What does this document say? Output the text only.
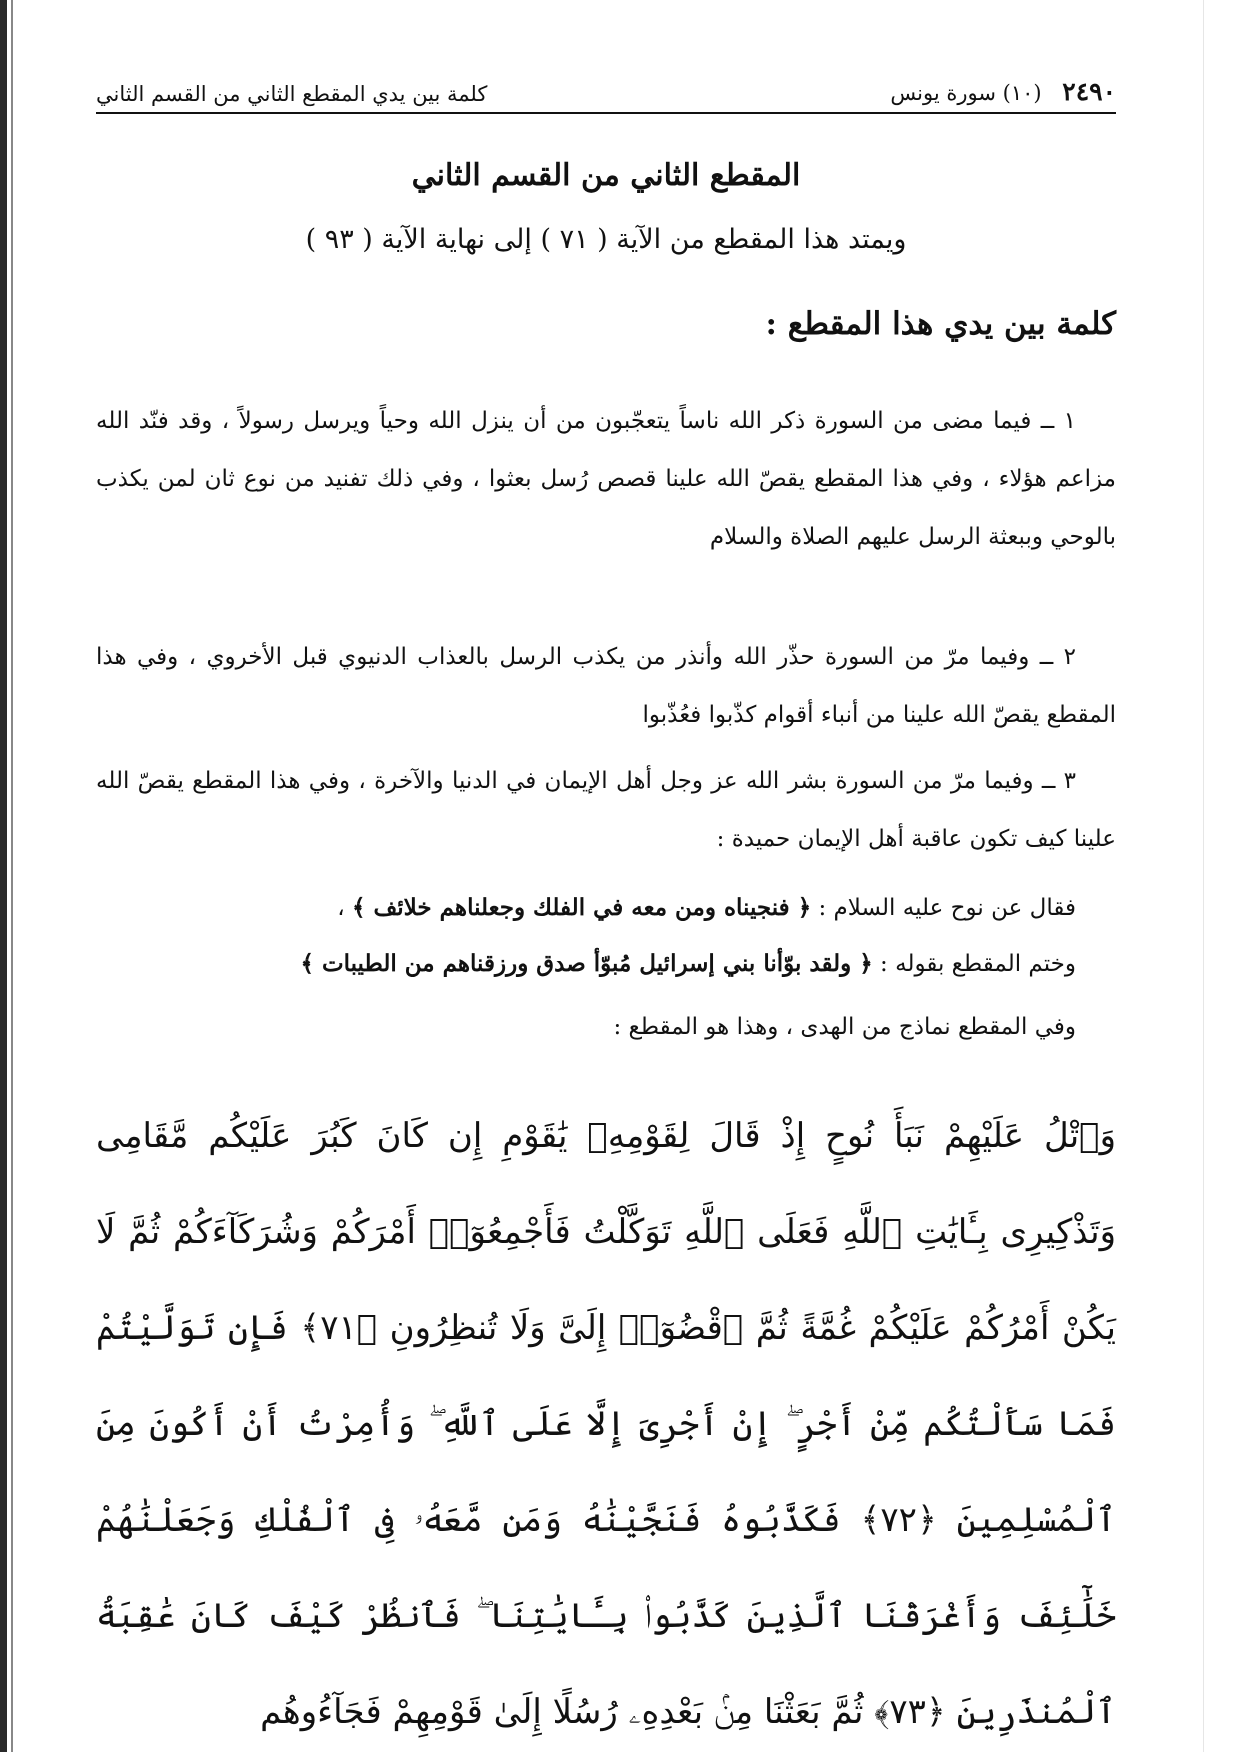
٢٤٩٠ (١٠) سورة يونس
كلمة بين يدي المقطع الثاني من القسم الثاني
المقطع الثاني من القسم الثاني

ويمتد هذا المقطع من الآية ( ٧١ ) إلى نهاية الآية ( ٩٣ )

كلمة بين يدي هذا المقطع :

١ ــ فيما مضى من السورة ذكر الله ناساً يتعجّبون من أن ينزل الله وحياً ويرسل رسولاً ، وقد فنّد الله مزاعم هؤلاء ، وفي هذا المقطع يقصّ الله علينا قصص رُسل بعثوا ، وفي ذلك تفنيد من نوع ثان لمن يكذب بالوحي وببعثة الرسل عليهم الصلاة والسلام

٢ ــ وفيما مرّ من السورة حذّر الله وأنذر من يكذب الرسل بالعذاب الدنيوي قبل الأخروي ، وفي هذا المقطع يقصّ الله علينا من أنباء أقوام كذّبوا فعُذّبوا

٣ ــ وفيما مرّ من السورة بشر الله عز وجل أهل الإيمان في الدنيا والآخرة ، وفي هذا المقطع يقصّ الله علينا كيف تكون عاقبة أهل الإيمان حميدة :

فقال عن نوح عليه السلام : ﴿ فنجيناه ومن معه في الفلك وجعلناهم خلائف ﴾ ،
وختم المقطع بقوله : ﴿ ولقد بوّأنا بني إسرائيل مُبوّأ صدق ورزقناهم من الطيبات ﴾

وفي المقطع نماذج من الهدى ، وهذا هو المقطع :

وَٱتْلُ عَلَيْهِمْ نَبَأَ نُوحٍ إِذْ قَالَ لِقَوْمِهِۦ يَٰقَوْمِ إِن كَانَ كَبُرَ عَلَيْكُم مَّقَامِى وَتَذْكِيرِى بِـَٔايَٰتِ ٱللَّهِ فَعَلَى ٱللَّهِ تَوَكَّلْتُ فَأَجْمِعُوٓا۟ أَمْرَكُمْ وَشُرَكَآءَكُمْ ثُمَّ لَا يَكُنْ أَمْرُكُمْ عَلَيْكُمْ غُمَّةً ثُمَّ ٱقْضُوٓا۟ إِلَىَّ وَلَا تُنظِرُونِ ﴿٧١﴾ فَإِن تَوَلَّيْتُمْ فَمَا سَأَلْتُكُم مِّنْ أَجْرٍ ۖ إِنْ أَجْرِىَ إِلَّا عَلَى ٱللَّهِ ۖ وَأُمِرْتُ أَنْ أَكُونَ مِنَ ٱلْمُسْلِمِينَ ﴿٧٢﴾ فَكَذَّبُوهُ فَنَجَّيْنَٰهُ وَمَن مَّعَهُۥ فِى ٱلْفُلْكِ وَجَعَلْنَٰهُمْ خَلَٰٓئِفَ وَأَغْرَقْنَا ٱلَّذِينَ كَذَّبُوا۟ بِـَٔايَٰتِنَا ۖ فَٱنظُرْ كَيْفَ كَانَ عَٰقِبَةُ ٱلْمُنذَرِينَ ﴿٧٣﴾ ثُمَّ بَعَثْنَا مِنۢ بَعْدِهِۦ رُسُلًا إِلَىٰ قَوْمِهِمْ فَجَآءُوهُم
